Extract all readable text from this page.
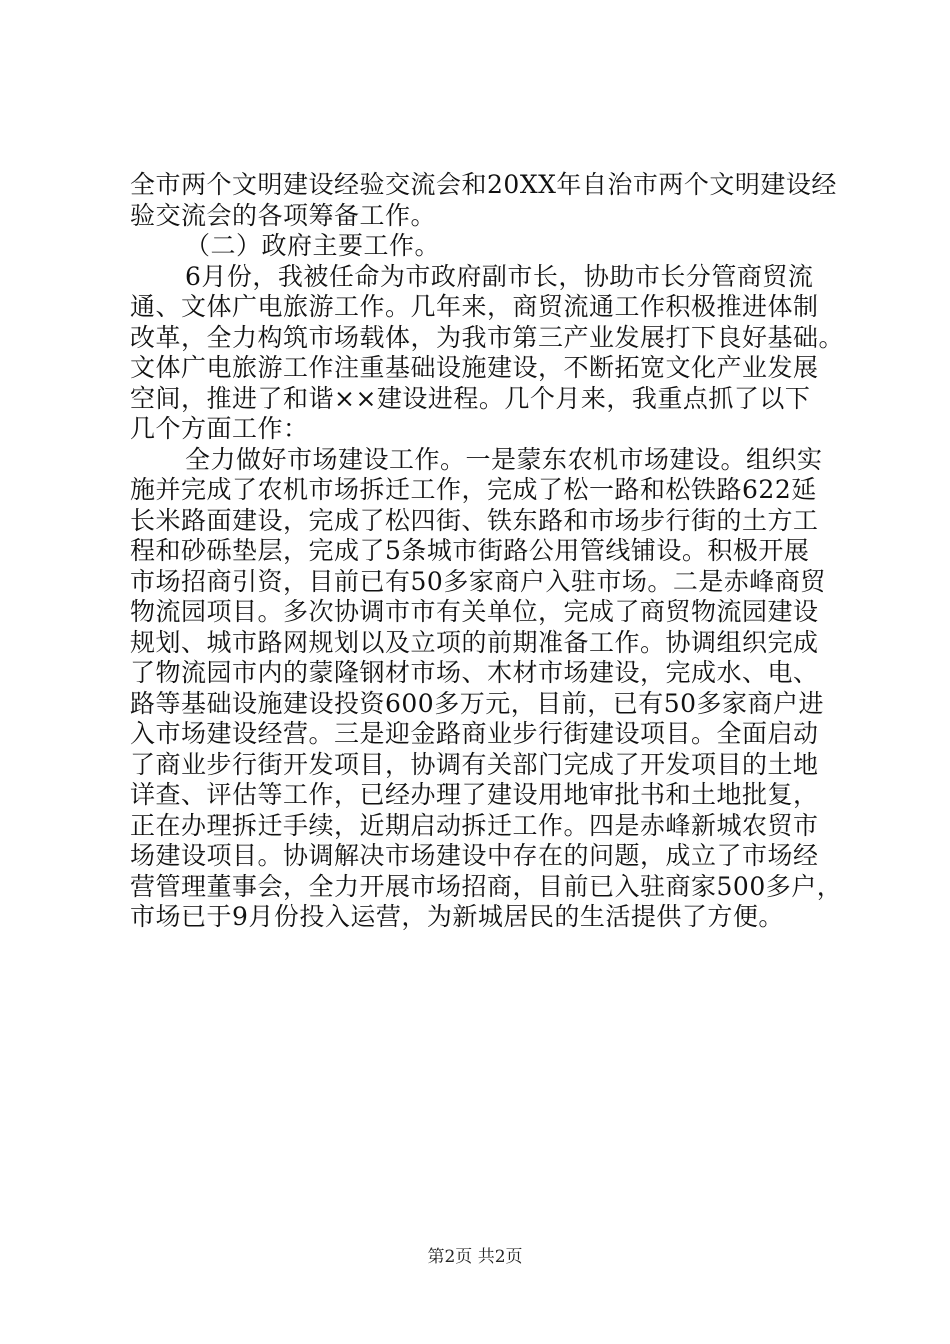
全市两个文明建设经验交流会和20XX年自治市两个文明建设经
验交流会的各项筹备工作。
（二）政府主要工作。
6月份，我被任命为市政府副市长，协助市长分管商贸流
通、文体广电旅游工作。几年来，商贸流通工作积极推进体制
改革，全力构筑市场载体，为我市第三产业发展打下良好基础。
文体广电旅游工作注重基础设施建设，不断拓宽文化产业发展
空间，推进了和谐××建设进程。几个月来，我重点抓了以下
几个方面工作：
全力做好市场建设工作。一是蒙东农机市场建设。组织实
施并完成了农机市场拆迁工作，完成了松一路和松铁路622延
长米路面建设，完成了松四街、铁东路和市场步行街的土方工
程和砂砾垫层，完成了5条城市街路公用管线铺设。积极开展
市场招商引资，目前已有50多家商户入驻市场。二是赤峰商贸
物流园项目。多次协调市市有关单位，完成了商贸物流园建设
规划、城市路网规划以及立项的前期准备工作。协调组织完成
了物流园市内的蒙隆钢材市场、木材市场建设，完成水、电、
路等基础设施建设投资600多万元，目前，已有50多家商户进
入市场建设经营。三是迎金路商业步行街建设项目。全面启动
了商业步行街开发项目，协调有关部门完成了开发项目的土地
详查、评估等工作，已经办理了建设用地审批书和土地批复，
正在办理拆迁手续，近期启动拆迁工作。四是赤峰新城农贸市
场建设项目。协调解决市场建设中存在的问题，成立了市场经
营管理董事会，全力开展市场招商，目前已入驻商家500多户，
市场已于9月份投入运营，为新城居民的生活提供了方便。
第2页 共2页
